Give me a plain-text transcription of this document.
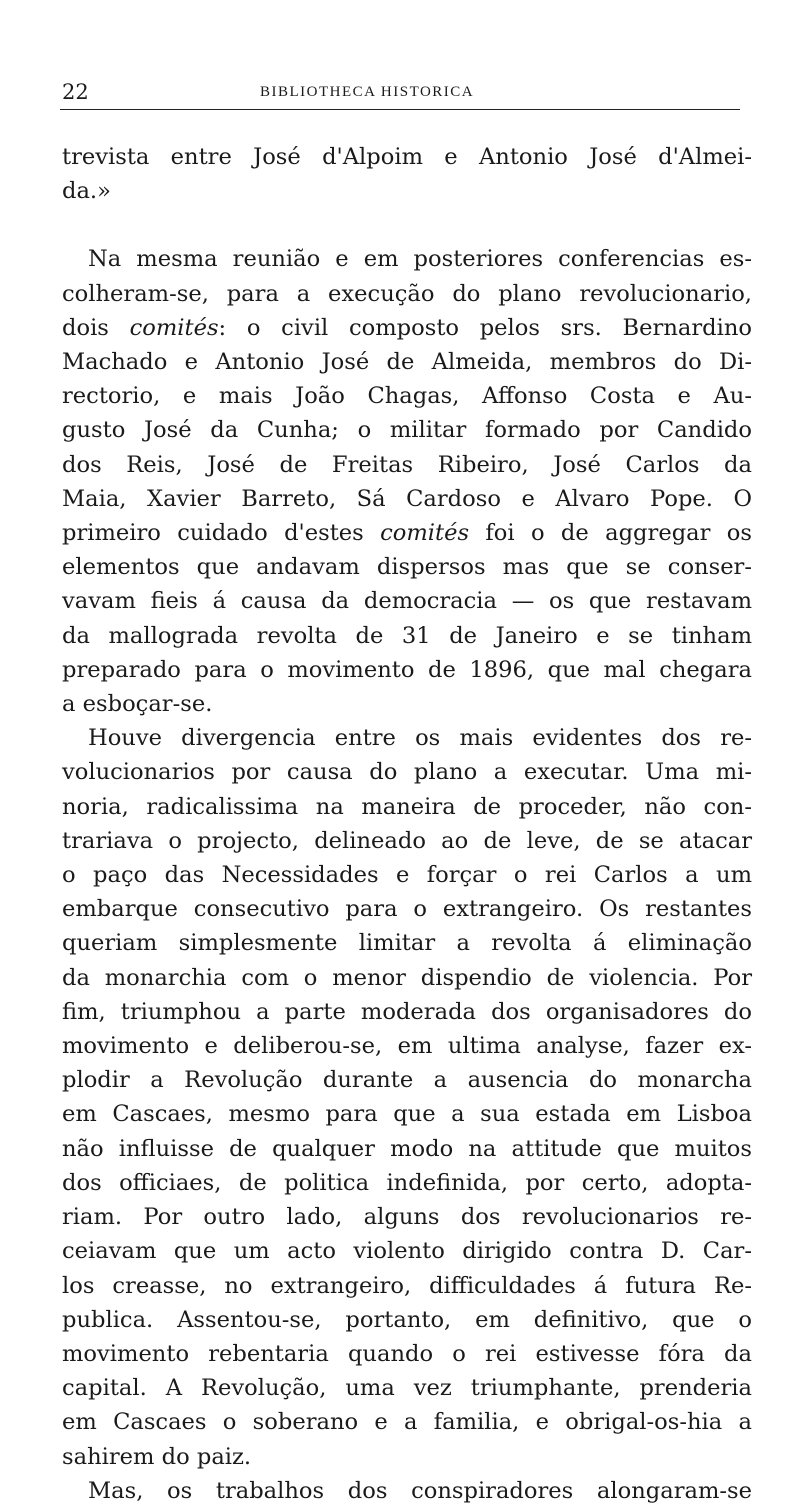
22	BIBLIOTHECA HISTORICA
trevista entre José d'Alpoim e Antonio José d'Almei-
da.»
Na mesma reunião e em posteriores conferencias es-
colheram-se, para a execução do plano revolucionario,
dois comités: o civil composto pelos srs. Bernardino
Machado e Antonio José de Almeida, membros do Di-
rectorio, e mais João Chagas, Affonso Costa e Au-
gusto José da Cunha; o militar formado por Candido
dos Reis, José de Freitas Ribeiro, José Carlos da
Maia, Xavier Barreto, Sá Cardoso e Alvaro Pope. O
primeiro cuidado d'estes comités foi o de aggregar os
elementos que andavam dispersos mas que se conser-
vavam fieis á causa da democracia — os que restavam
da mallograda revolta de 31 de Janeiro e se tinham
preparado para o movimento de 1896, que mal chegara
a esboçar-se.
Houve divergencia entre os mais evidentes dos re-
volucionarios por causa do plano a executar. Uma mi-
noria, radicalissima na maneira de proceder, não con-
trariava o projecto, delineado ao de leve, de se atacar
o paço das Necessidades e forçar o rei Carlos a um
embarque consecutivo para o extrangeiro. Os restantes
queriam simplesmente limitar a revolta á eliminação
da monarchia com o menor dispendio de violencia. Por
fim, triumphou a parte moderada dos organisadores do
movimento e deliberou-se, em ultima analyse, fazer ex-
plodir a Revolução durante a ausencia do monarcha
em Cascaes, mesmo para que a sua estada em Lisboa
não influisse de qualquer modo na attitude que muitos
dos officiaes, de politica indefinida, por certo, adopta-
riam. Por outro lado, alguns dos revolucionarios re-
ceiavam que um acto violento dirigido contra D. Car-
los creasse, no extrangeiro, difficuldades á futura Re-
publica. Assentou-se, portanto, em definitivo, que o
movimento rebentaria quando o rei estivesse fóra da
capital. A Revolução, uma vez triumphante, prenderia
em Cascaes o soberano e a familia, e obrigal-os-hia a
sahirem do paiz.
Mas, os trabalhos dos conspiradores alongaram-se
